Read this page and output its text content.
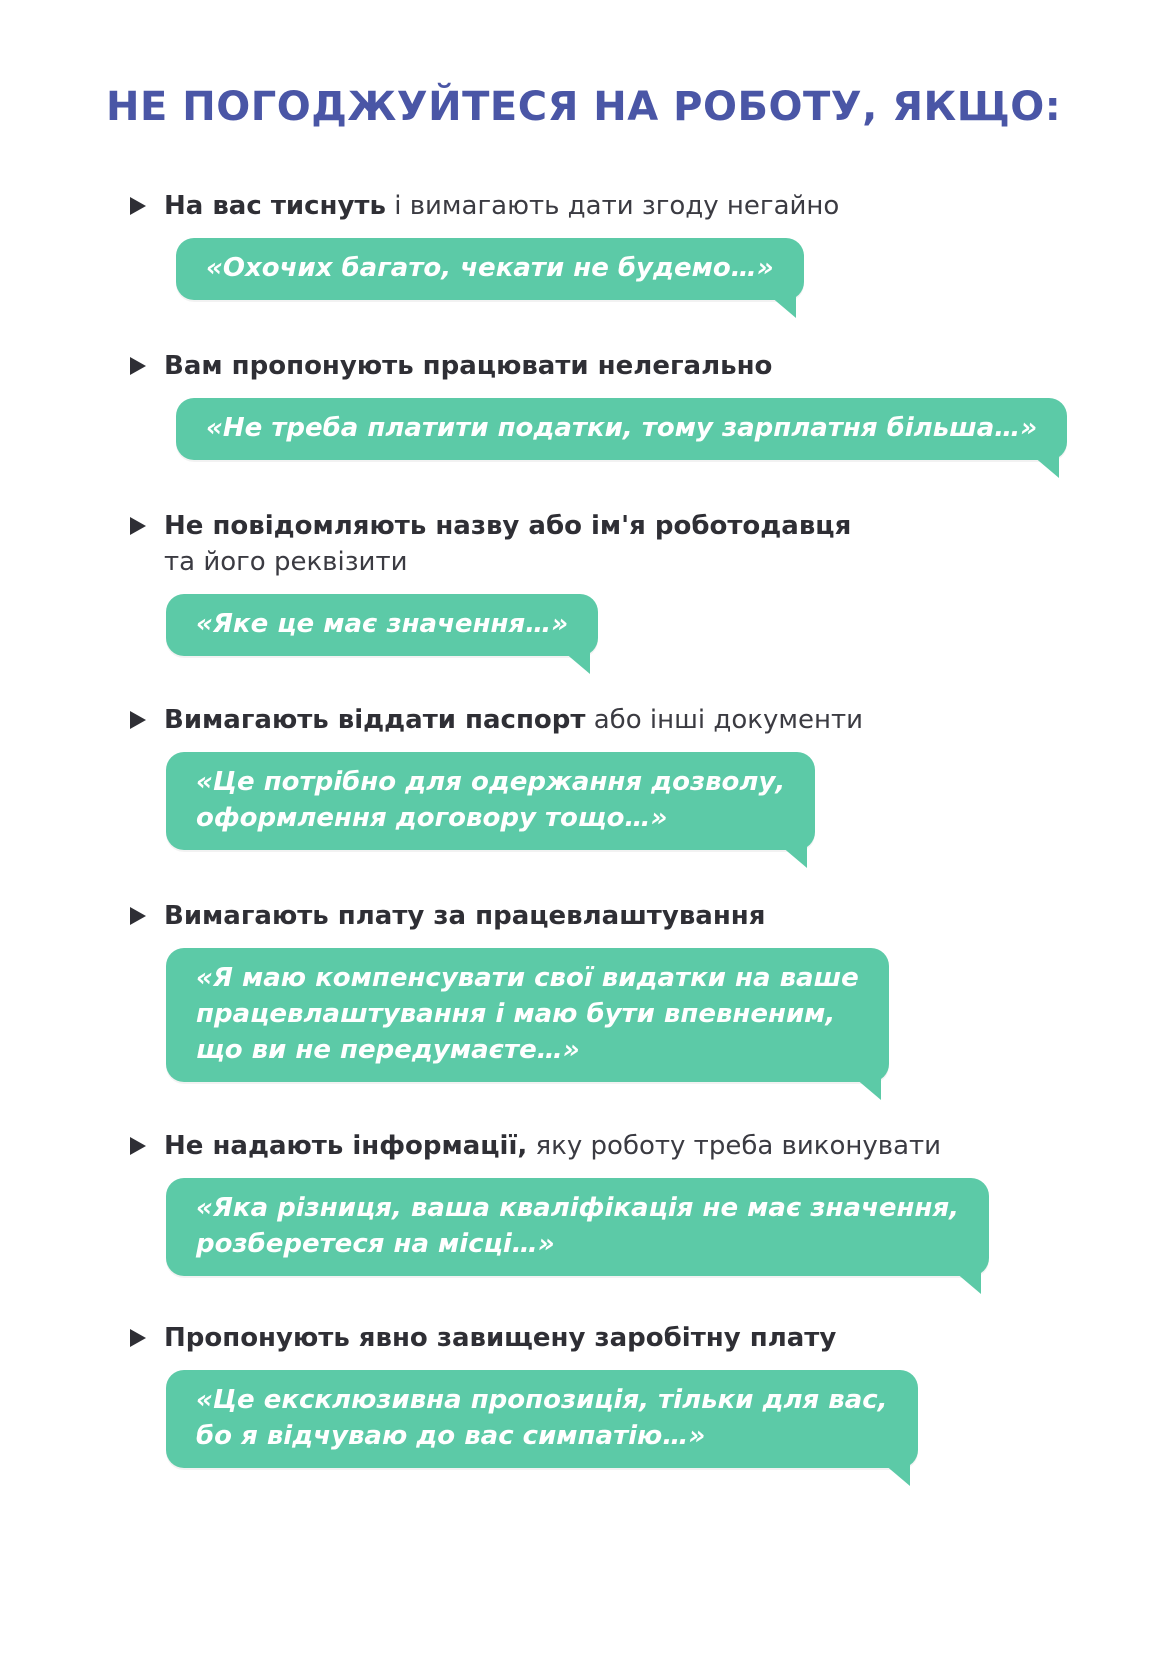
НЕ ПОГОДЖУЙТЕСЯ НА РОБОТУ, ЯКЩО:
На вас тиснуть і вимагають дати згоду негайно
«Охочих багато, чекати не будемо…»
Вам пропонують працювати нелегально
«Не треба платити податки, тому зарплатня більша…»
Не повідомляють назву або ім'я роботодавця
та його реквізити
«Яке це має значення…»
Вимагають віддати паспорт або інші документи
«Це потрібно для одержання дозволу,
оформлення договору тощо…»
Вимагають плату за працевлаштування
«Я маю компенсувати свої видатки на ваше
працевлаштування і маю бути впевненим,
що ви не передумаєте…»
Не надають інформації, яку роботу треба виконувати
«Яка різниця, ваша кваліфікація не має значення,
розберетеся на місці…»
Пропонують явно завищену заробітну плату
«Це ексклюзивна пропозиція, тільки для вас,
бо я відчуваю до вас симпатію…»
